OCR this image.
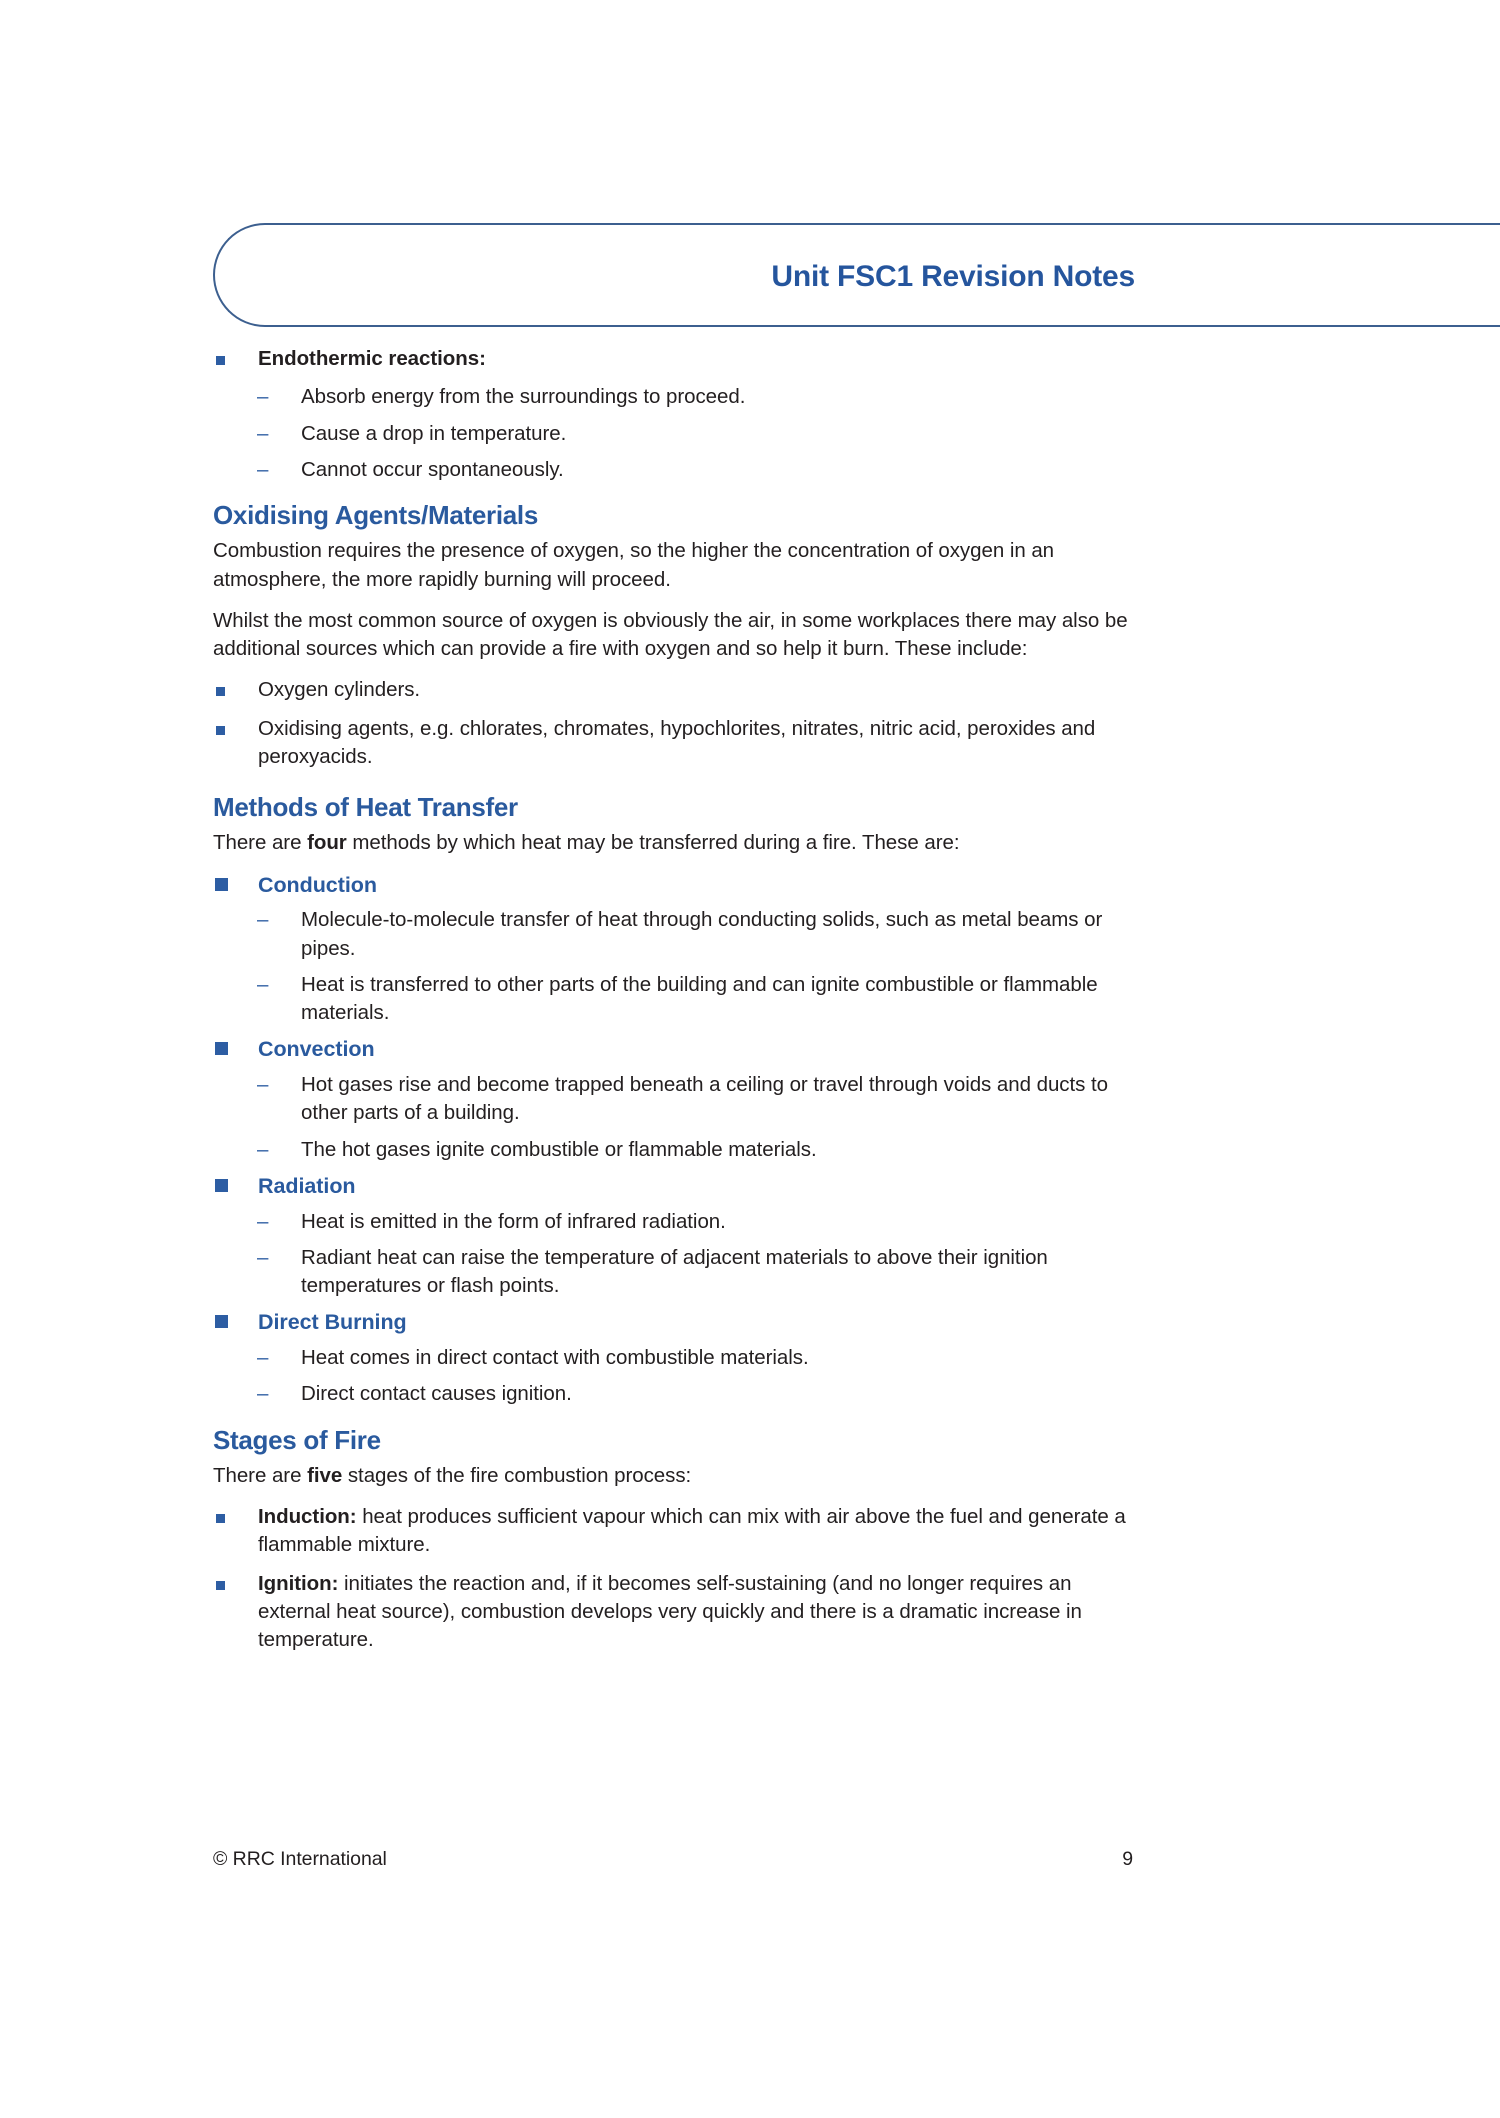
Unit FSC1 Revision Notes
Endothermic reactions:
– Absorb energy from the surroundings to proceed.
– Cause a drop in temperature.
– Cannot occur spontaneously.
Oxidising Agents/Materials

Combustion requires the presence of oxygen, so the higher the concentration of oxygen in an atmosphere, the more rapidly burning will proceed.

Whilst the most common source of oxygen is obviously the air, in some workplaces there may also be additional sources which can provide a fire with oxygen and so help it burn. These include:

Oxygen cylinders.
Oxidising agents, e.g. chlorates, chromates, hypochlorites, nitrates, nitric acid, peroxides and peroxyacids.
Methods of Heat Transfer

There are four methods by which heat may be transferred during a fire. These are:

Conduction
– Molecule-to-molecule transfer of heat through conducting solids, such as metal beams or pipes.
– Heat is transferred to other parts of the building and can ignite combustible or flammable materials.
Convection
– Hot gases rise and become trapped beneath a ceiling or travel through voids and ducts to other parts of a building.
– The hot gases ignite combustible or flammable materials.
Radiation
– Heat is emitted in the form of infrared radiation.
– Radiant heat can raise the temperature of adjacent materials to above their ignition temperatures or flash points.
Direct Burning
– Heat comes in direct contact with combustible materials.
– Direct contact causes ignition.
Stages of Fire

There are five stages of the fire combustion process:

Induction: heat produces sufficient vapour which can mix with air above the fuel and generate a flammable mixture.
Ignition: initiates the reaction and, if it becomes self-sustaining (and no longer requires an external heat source), combustion develops very quickly and there is a dramatic increase in temperature.
© RRC International	9
